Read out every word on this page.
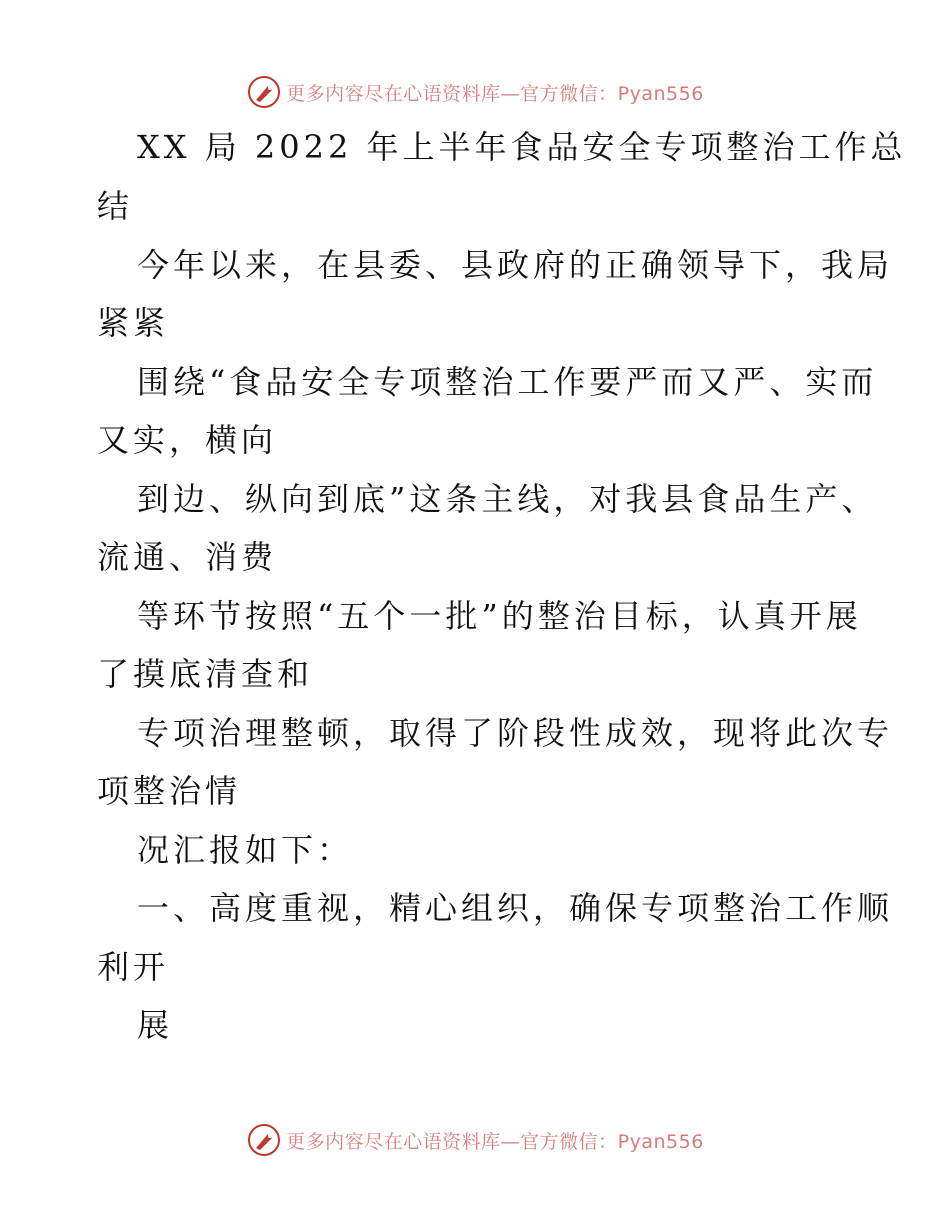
更多内容尽在心语资料库—官方微信：Pyan556
XX 局 2022 年上半年食品安全专项整治工作总
结
今年以来，在县委、县政府的正确领导下，我局
紧紧
围绕“食品安全专项整治工作要严而又严、实而
又实，横向
到边、纵向到底”这条主线，对我县食品生产、
流通、消费
等环节按照“五个一批”的整治目标，认真开展
了摸底清查和
专项治理整顿，取得了阶段性成效，现将此次专
项整治情
况汇报如下：
一、高度重视，精心组织，确保专项整治工作顺
利开
展
更多内容尽在心语资料库—官方微信：Pyan556
